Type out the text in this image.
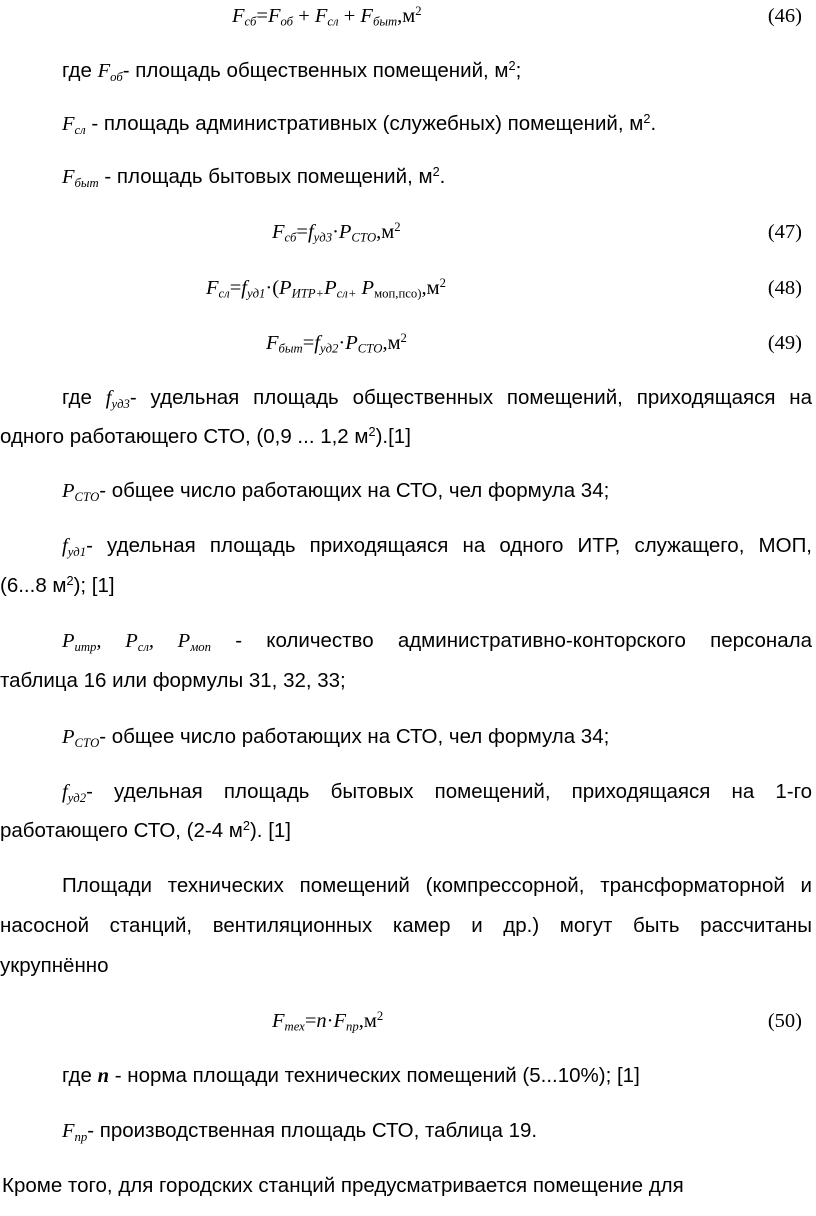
$F_{сб}=F_{об} + F_{сл} + F_{быт},м^2$	(46)
где $F_{об}-$ площадь общественных помещений, $м^2$;
$F_{сл}$ - площадь административных (служебных) помещений, $м^2$.
$F_{быт}$ - площадь бытовых помещений, $м^2$.
$F_{сб}=f_{уд3}\cdot P_{СТО},м^2$	(47)
$F_{сл}=f_{уд1}\cdot(P_{ИТР+}P_{сл+}$ $P_{моп,псо)},м^2$	(48)
$F_{быт}=f_{уд2}\cdot P_{СТО},м^2$	(49)
где $f_{уд3}-$ удельная площадь общественных помещений, приходящаяся на
одного работающего СТО, (0,9 ... 1,2 $м^2).[1]$
$P_{СТО}-$ общее число работающих на СТО, чел формула 34;
$f_{уд1}-$ удельная площадь приходящаяся на одного ИТР, служащего, МОП,
(6...8 $м^2$); [1]
$P_{итр}$, $P_{сл}$, $P_{моп}$ - количество административно-конторского персонала
таблица 16 или формулы 31, 32, 33;
$P_{СТО}-$ общее число работающих на СТО, чел формула 34;
$f_{уд2}-$ удельная площадь бытовых помещений, приходящаяся на 1-го
работающего СТО, (2-4 $м^2$). [1]
Площади технических помещений (компрессорной, трансформаторной и
насосной станций, вентиляционных камер и др.) могут быть рассчитаны
укрупнённо
$F_{тех}=n\cdot F_{пр},м^2$	(50)
где n - норма площади технических помещений (5...10%); [1]
$F_{пр}-$ производственная площадь СТО, таблица 19.
Кроме того, для городских станций предусматривается помещение для
